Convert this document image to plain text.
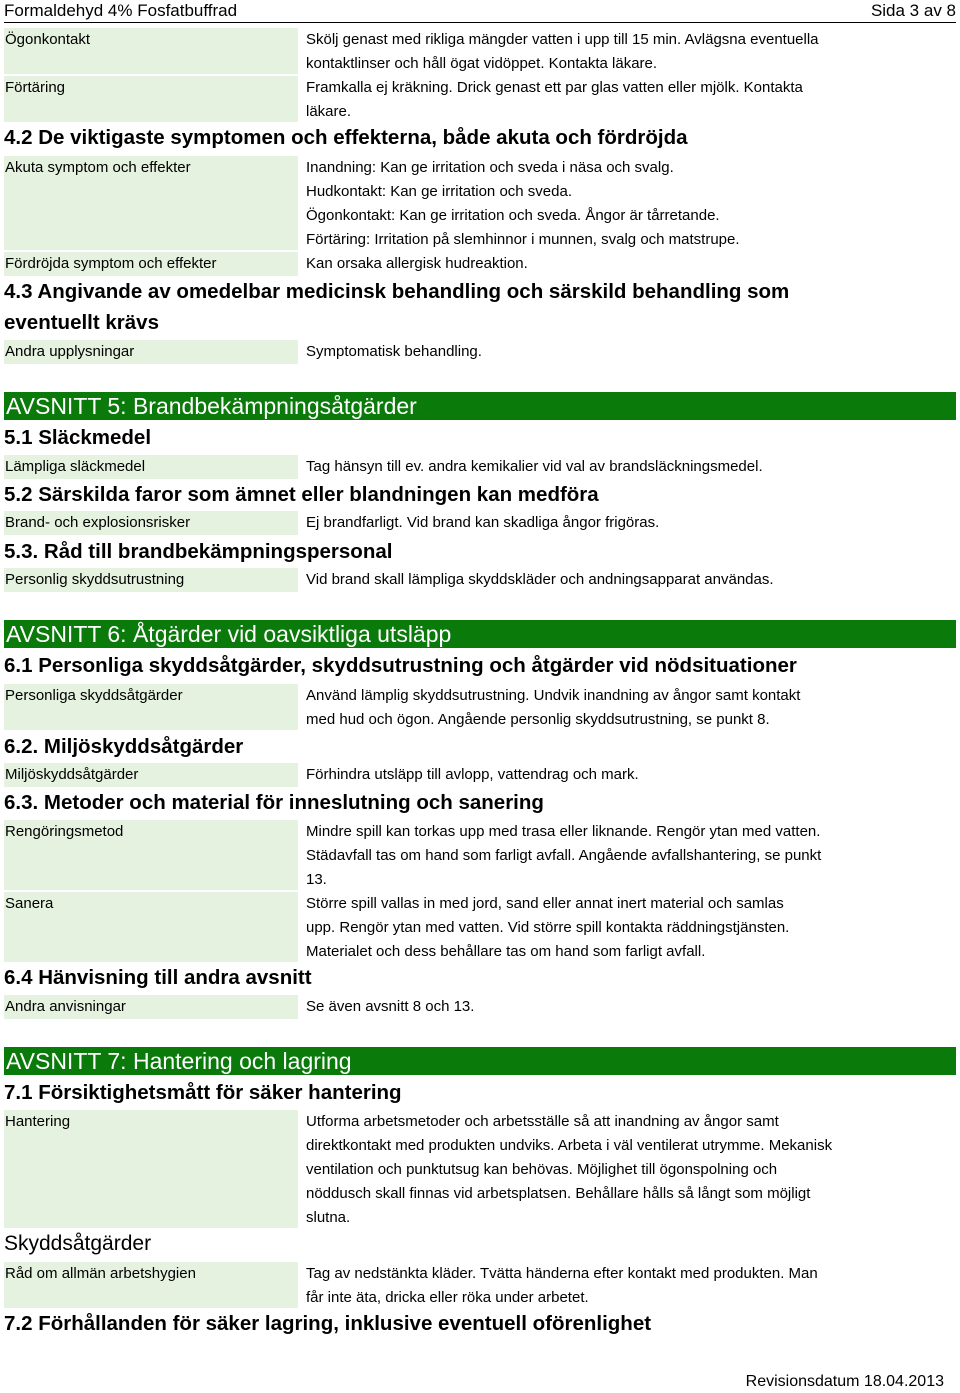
Formaldehyd 4% Fosfatbuffrad	Sida 3 av 8
Ögonkontakt	Skölj genast med rikliga mängder vatten i upp till 15 min. Avlägsna eventuella
kontaktlinser och håll ögat vidöppet. Kontakta läkare.
Förtäring	Framkalla ej kräkning. Drick genast ett par glas vatten eller mjölk. Kontakta
läkare.
4.2 De viktigaste symptomen och effekterna, både akuta och fördröjda
Akuta symptom och effekter	Inandning: Kan ge irritation och sveda i näsa och svalg.
Hudkontakt: Kan ge irritation och sveda.
Ögonkontakt: Kan ge irritation och sveda. Ångor är tårretande.
Förtäring: Irritation på slemhinnor i munnen, svalg och matstrupe.
Fördröjda symptom och effekter	Kan orsaka allergisk hudreaktion.
4.3 Angivande av omedelbar medicinsk behandling och särskild behandling som
eventuellt krävs
Andra upplysningar	Symptomatisk behandling.
AVSNITT 5: Brandbekämpningsåtgärder
5.1 Släckmedel
Lämpliga släckmedel	Tag hänsyn till ev. andra kemikalier vid val av brandsläckningsmedel.
5.2 Särskilda faror som ämnet eller blandningen kan medföra
Brand- och explosionsrisker	Ej brandfarligt. Vid brand kan skadliga ångor frigöras.
5.3. Råd till brandbekämpningspersonal
Personlig skyddsutrustning	Vid brand skall lämpliga skyddskläder och andningsapparat användas.
AVSNITT 6: Åtgärder vid oavsiktliga utsläpp
6.1 Personliga skyddsåtgärder, skyddsutrustning och åtgärder vid nödsituationer
Personliga skyddsåtgärder	Använd lämplig skyddsutrustning. Undvik inandning av ångor samt kontakt
med hud och ögon. Angående personlig skyddsutrustning, se punkt 8.
6.2. Miljöskyddsåtgärder
Miljöskyddsåtgärder	Förhindra utsläpp till avlopp, vattendrag och mark.
6.3. Metoder och material för inneslutning och sanering
Rengöringsmetod	Mindre spill kan torkas upp med trasa eller liknande. Rengör ytan med vatten.
Städavfall tas om hand som farligt avfall. Angående avfallshantering, se punkt
13.
Sanera	Större spill vallas in med jord, sand eller annat inert material och samlas
upp. Rengör ytan med vatten. Vid större spill kontakta räddningstjänsten.
Materialet och dess behållare tas om hand som farligt avfall.
6.4 Hänvisning till andra avsnitt
Andra anvisningar	Se även avsnitt 8 och 13.
AVSNITT 7: Hantering och lagring
7.1 Försiktighetsmått för säker hantering
Hantering	Utforma arbetsmetoder och arbetsställe så att inandning av ångor samt
direktkontakt med produkten undviks. Arbeta i väl ventilerat utrymme. Mekanisk
ventilation och punktutsug kan behövas. Möjlighet till ögonspolning och
nöddusch skall finnas vid arbetsplatsen. Behållare hålls så långt som möjligt
slutna.
Skyddsåtgärder
Råd om allmän arbetshygien	Tag av nedstänkta kläder. Tvätta händerna efter kontakt med produkten. Man
får inte äta, dricka eller röka under arbetet.
7.2 Förhållanden för säker lagring, inklusive eventuell oförenlighet
Revisionsdatum 18.04.2013
